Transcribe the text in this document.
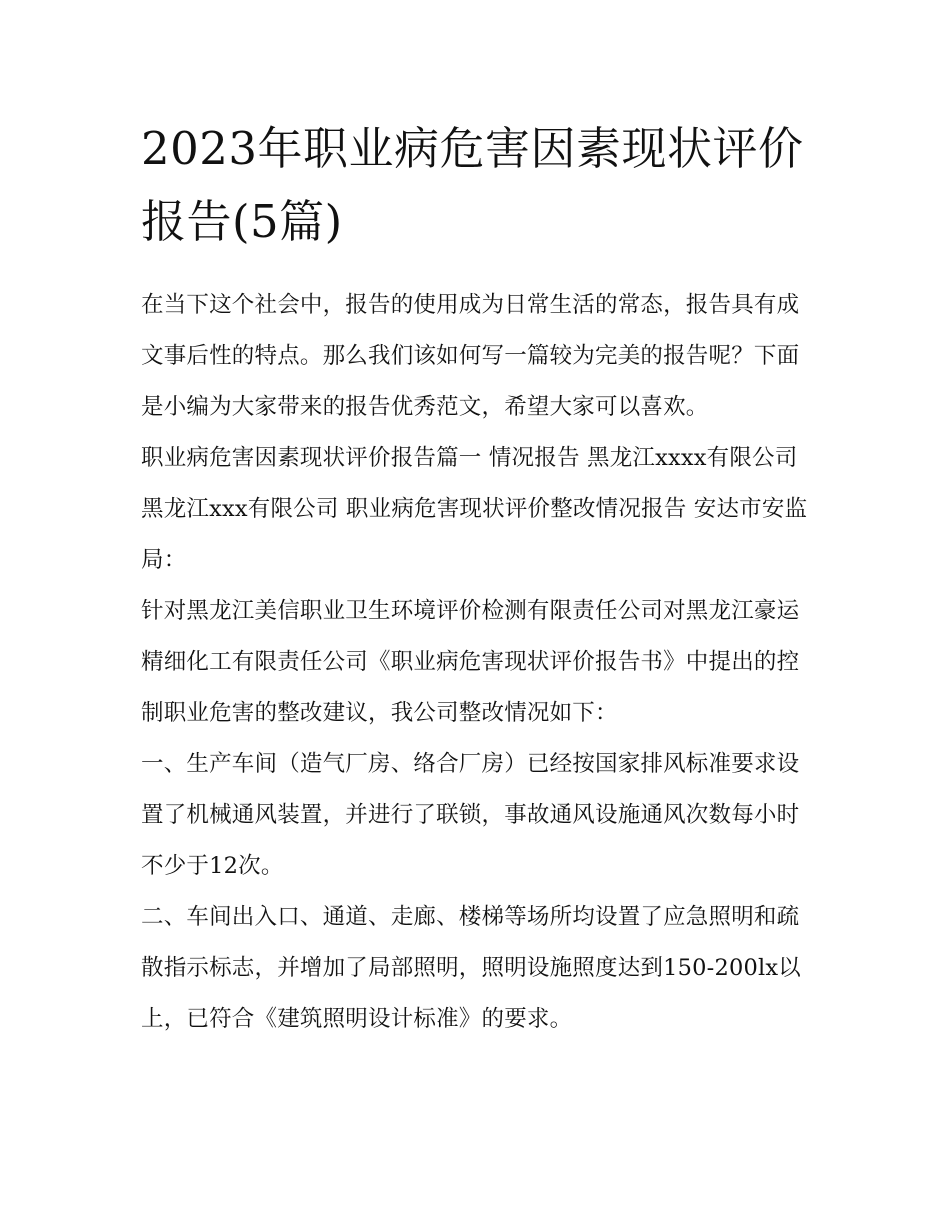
2023年职业病危害因素现状评价报告(5篇)

在当下这个社会中，报告的使用成为日常生活的常态，报告具有成文事后性的特点。那么我们该如何写一篇较为完美的报告呢？下面是小编为大家带来的报告优秀范文，希望大家可以喜欢。

职业病危害因素现状评价报告篇一 情况报告 黑龙江xxxx有限公司 黑龙江xxx有限公司 职业病危害现状评价整改情况报告 安达市安监局：

针对黑龙江美信职业卫生环境评价检测有限责任公司对黑龙江豪运精细化工有限责任公司《职业病危害现状评价报告书》中提出的控制职业危害的整改建议，我公司整改情况如下：

一、生产车间（造气厂房、络合厂房）已经按国家排风标准要求设置了机械通风装置，并进行了联锁，事故通风设施通风次数每小时不少于12次。

二、车间出入口、通道、走廊、楼梯等场所均设置了应急照明和疏散指示标志，并增加了局部照明，照明设施照度达到150-200lx以上，已符合《建筑照明设计标准》的要求。
